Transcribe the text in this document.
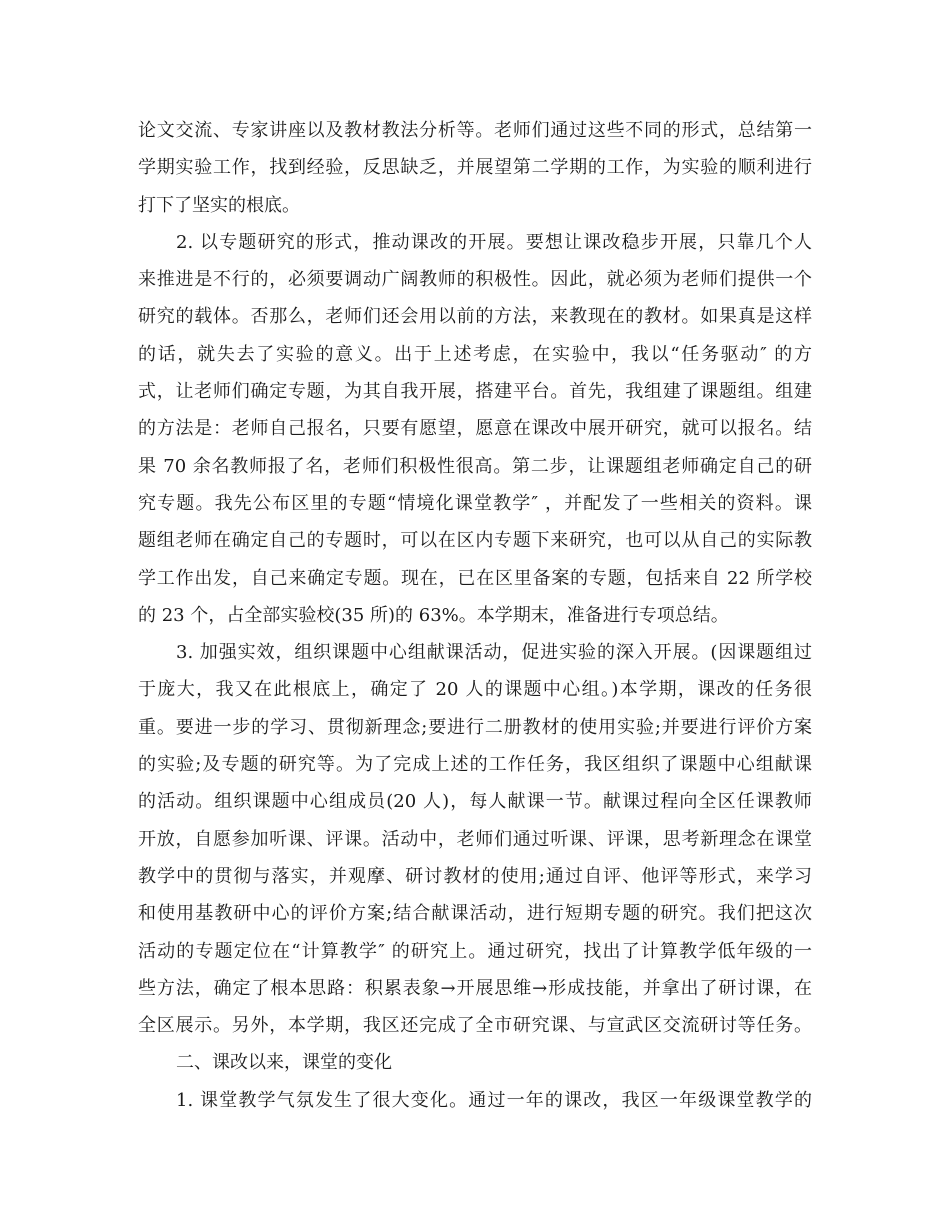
论文交流、专家讲座以及教材教法分析等。老师们通过这些不同的形式，总结第一
学期实验工作，找到经验，反思缺乏，并展望第二学期的工作，为实验的顺利进行
打下了坚实的根底。
2. 以专题研究的形式，推动课改的开展。要想让课改稳步开展，只靠几个人
来推进是不行的，必须要调动广阔教师的积极性。因此，就必须为老师们提供一个
研究的载体。否那么，老师们还会用以前的方法，来教现在的教材。如果真是这样
的话，就失去了实验的意义。出于上述考虑，在实验中，我以“任务驱动″ 的方
式，让老师们确定专题，为其自我开展，搭建平台。首先，我组建了课题组。组建
的方法是：老师自己报名，只要有愿望，愿意在课改中展开研究，就可以报名。结
果 70 余名教师报了名，老师们积极性很高。第二步，让课题组老师确定自己的研
究专题。我先公布区里的专题“情境化课堂教学″ ，并配发了一些相关的资料。课
题组老师在确定自己的专题时，可以在区内专题下来研究，也可以从自己的实际教
学工作出发，自己来确定专题。现在，已在区里备案的专题，包括来自 22 所学校
的 23 个，占全部实验校(35 所)的 63%。本学期末，准备进行专项总结。
3. 加强实效，组织课题中心组献课活动，促进实验的深入开展。(因课题组过
于庞大，我又在此根底上，确定了 20 人的课题中心组。)本学期，课改的任务很
重。要进一步的学习、贯彻新理念;要进行二册教材的使用实验;并要进行评价方案
的实验;及专题的研究等。为了完成上述的工作任务，我区组织了课题中心组献课
的活动。组织课题中心组成员(20 人)，每人献课一节。献课过程向全区任课教师
开放，自愿参加听课、评课。活动中，老师们通过听课、评课，思考新理念在课堂
教学中的贯彻与落实，并观摩、研讨教材的使用;通过自评、他评等形式，来学习
和使用基教研中心的评价方案;结合献课活动，进行短期专题的研究。我们把这次
活动的专题定位在“计算教学″ 的研究上。通过研究，找出了计算教学低年级的一
些方法，确定了根本思路：积累表象→开展思维→形成技能，并拿出了研讨课，在
全区展示。另外，本学期，我区还完成了全市研究课、与宣武区交流研讨等任务。
二、课改以来，课堂的变化
1. 课堂教学气氛发生了很大变化。通过一年的课改，我区一年级课堂教学的
